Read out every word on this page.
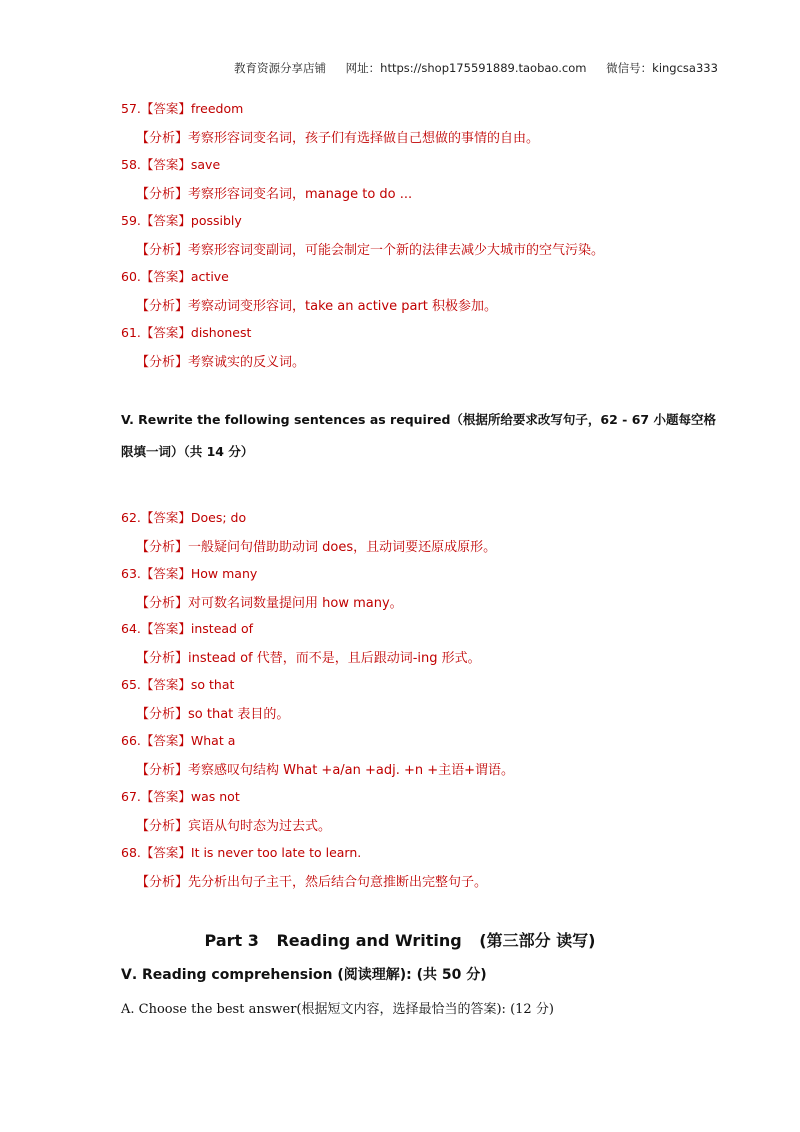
教育资源分享店铺 网址：https://shop175591889.taobao.com 微信号：kingcsa333
57.【答案】freedom
【分析】考察形容词变名词，孩子们有选择做自己想做的事情的自由。
58.【答案】save
【分析】考察形容词变名词，manage to do ...
59.【答案】possibly
【分析】考察形容词变副词，可能会制定一个新的法律去减少大城市的空气污染。
60.【答案】active
【分析】考察动词变形容词，take an active part 积极参加。
61.【答案】dishonest
【分析】考察诚实的反义词。
V. Rewrite the following sentences as required（根据所给要求改写句子，62 - 67 小题每空格
限填一词）（共 14 分）
62.【答案】Does; do
【分析】一般疑问句借助助动词 does，且动词要还原成原形。
63.【答案】How many
【分析】对可数名词数量提问用 how many。
64.【答案】instead of
【分析】instead of 代替，而不是，且后跟动词-ing 形式。
65.【答案】so that
【分析】so that 表目的。
66.【答案】What a
【分析】考察感叹句结构 What +a/an +adj. +n +主语+谓语。
67.【答案】was not
【分析】宾语从句时态为过去式。
68.【答案】It is never too late to learn.
【分析】先分析出句子主干，然后结合句意推断出完整句子。
Part 3 Reading and Writing (第三部分 读写)
Ⅴ. Reading comprehension (阅读理解): (共 50 分)
A. Choose the best answer(根据短文内容，选择最恰当的答案): (12 分)
